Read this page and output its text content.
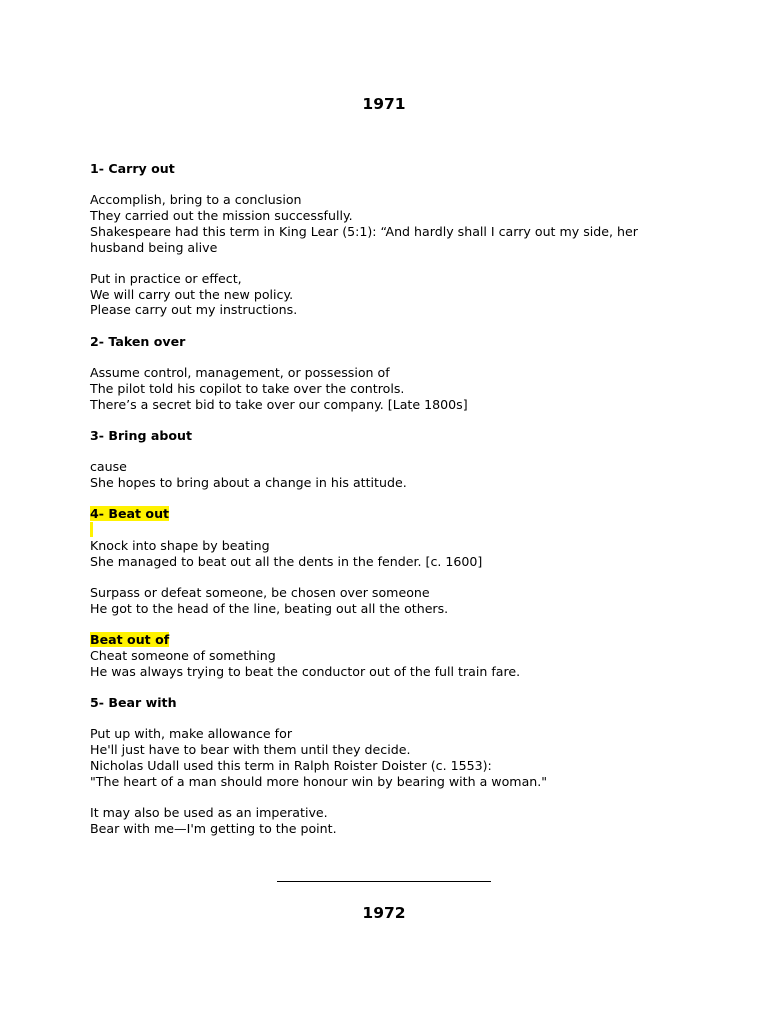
1971
1- Carry out
Accomplish, bring to a conclusion
They carried out the mission successfully.
Shakespeare had this term in King Lear (5:1): “And hardly shall I carry out my side, her
husband being alive
Put in practice or effect,
We will carry out the new policy.
Please carry out my instructions.
2- Taken over
Assume control, management, or possession of
The pilot told his copilot to take over the controls.
There’s a secret bid to take over our company. [Late 1800s]
3- Bring about
cause
She hopes to bring about a change in his attitude.
4- Beat out
Knock into shape by beating
She managed to beat out all the dents in the fender. [c. 1600]
Surpass or defeat someone, be chosen over someone
He got to the head of the line, beating out all the others.
Beat out of
Cheat someone of something
He was always trying to beat the conductor out of the full train fare.
5- Bear with
Put up with, make allowance for
He'll just have to bear with them until they decide.
Nicholas Udall used this term in Ralph Roister Doister (c. 1553):
"The heart of a man should more honour win by bearing with a woman."
It may also be used as an imperative.
Bear with me—I'm getting to the point.
1972
